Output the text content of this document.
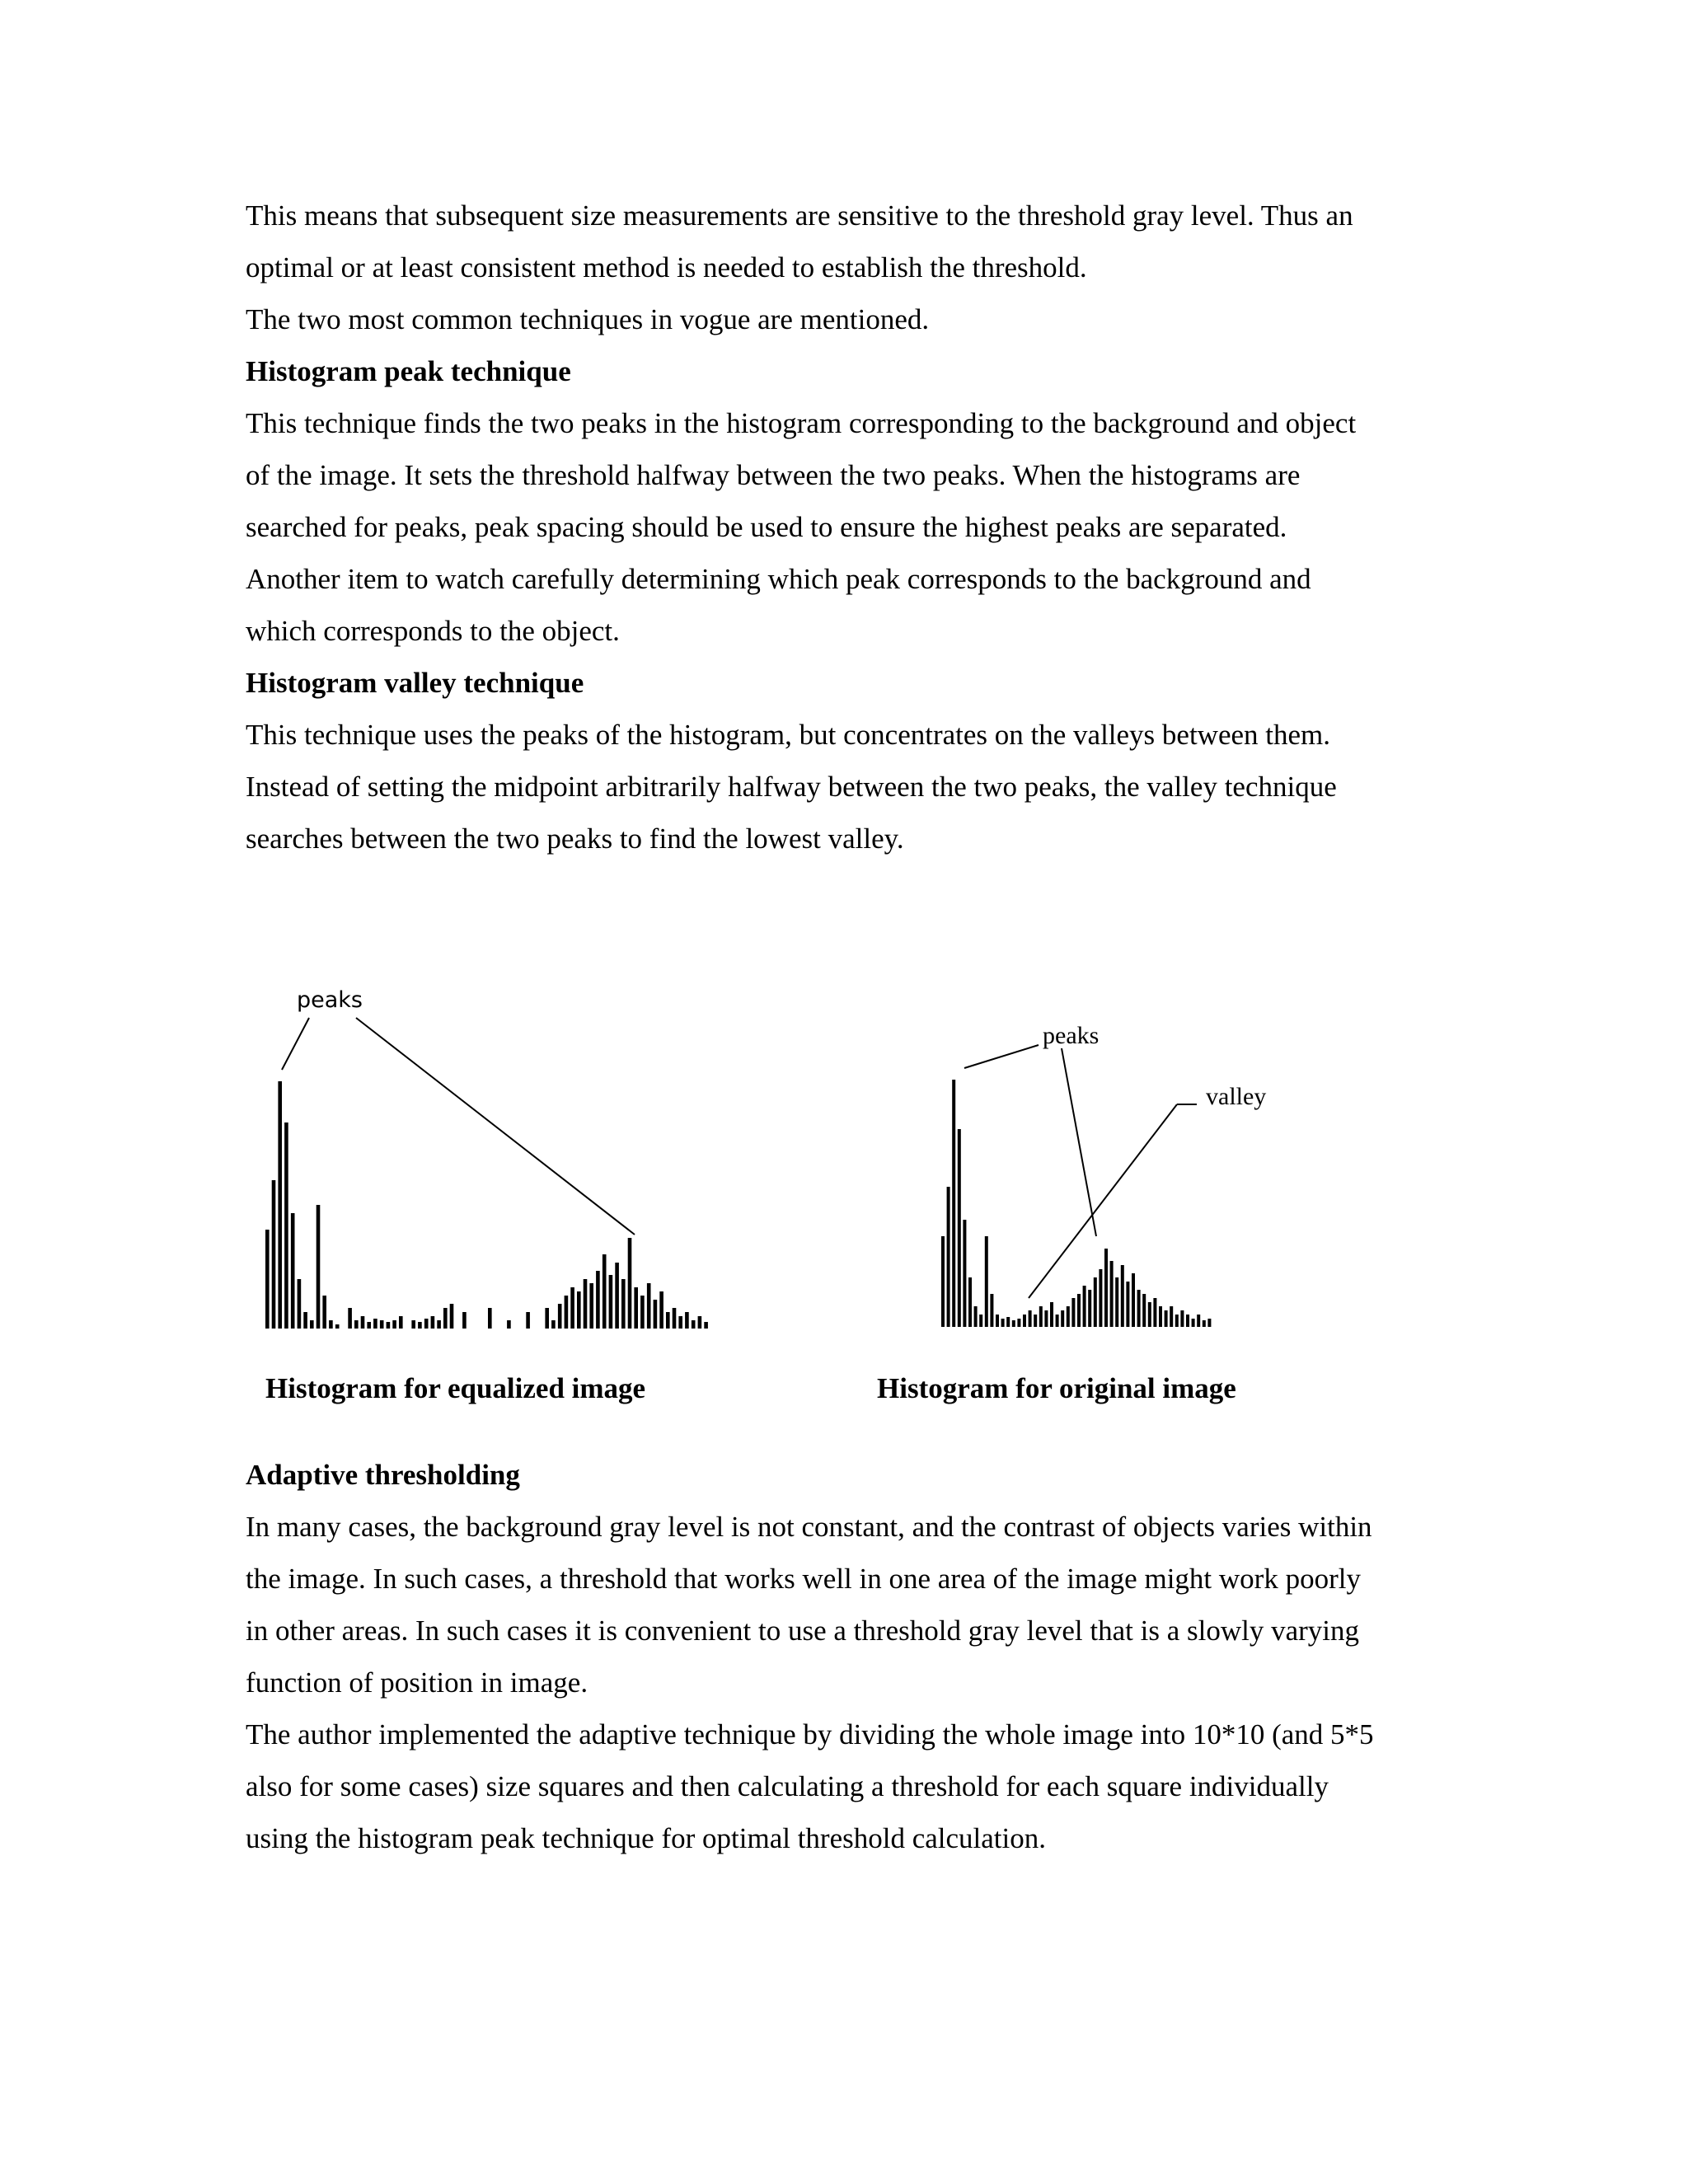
This means that subsequent size measurements are sensitive to the threshold gray level. Thus an
optimal or at least consistent method is needed to establish the threshold.
The two most common techniques in vogue are mentioned.
Histogram peak technique
This technique finds the two peaks in the histogram corresponding to the background and object
of the image. It sets the threshold halfway between the two peaks. When the histograms are
searched for peaks, peak spacing should be used to ensure the highest peaks are separated.
Another item to watch carefully determining which peak corresponds to the background and
which corresponds to the object.
Histogram valley technique
This technique uses the peaks of the histogram, but concentrates on the valleys between them.
Instead of setting the midpoint arbitrarily halfway between the two peaks, the valley technique
searches between the two peaks to find the lowest valley.
peaks
Histogram for equalized image
peaks
valley
Histogram for original image
Adaptive thresholding
In many cases, the background gray level is not constant, and the contrast of objects varies within
the image. In such cases, a threshold that works well in one area of the image might work poorly
in other areas. In such cases it is convenient to use a threshold gray level that is a slowly varying
function of position in image.
The author implemented the adaptive technique by dividing the whole image into 10*10 (and 5*5
also for some cases) size squares and then calculating a threshold for each square individually
using the histogram peak technique for optimal threshold calculation.
